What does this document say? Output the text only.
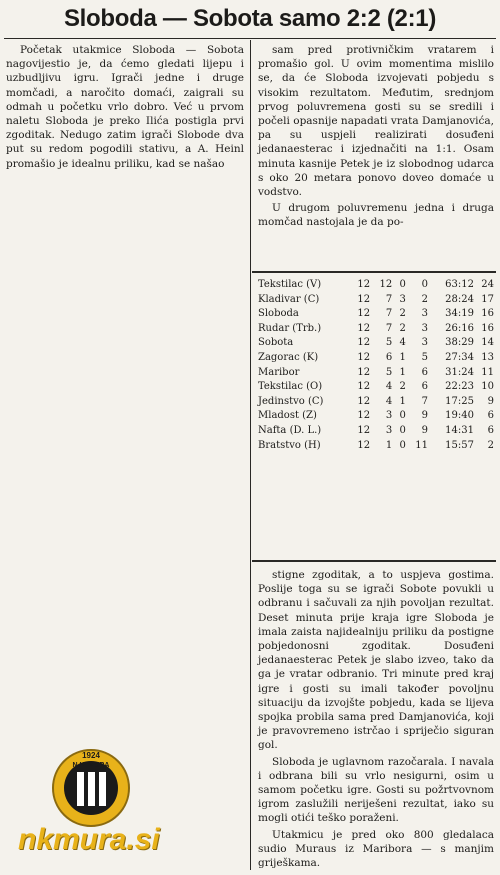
Sloboda — Sobota samo 2:2 (2:1)

Početak utakmice Sloboda — Sobota nagovijestio je, da ćemo gledati lijepu i uzbudljivu igru. Igrači jedne i druge momčadi, a naročito domaći, zaigrali su odmah u početku vrlo dobro. Već u prvom naletu Sloboda je preko Ilića postigla prvi zgoditak. Nedugo zatim igrači Slobode dva put su redom pogodili stativu, a A. Heinl promašio je idealnu priliku, kad se našao

sam pred protivničkim vratarem i promašio gol. U ovim momentima mislilo se, da će Sloboda izvojevati pobjedu s visokim rezultatom. Međutim, srednjom prvog poluvremena gosti su se sredili i počeli opasnije napadati vrata Damjanovića, pa su uspjeli realizirati dosuđeni jedanaesterac i izjednačiti na 1:1. Osam minuta kasnije Petek je iz slobodnog udarca s oko 20 metara ponovo doveo domaće u vodstvo.

U drugom poluvremenu jedna i druga momčad nastojala je da po-

Tekstilac (V)	12	12	0	0	63:12	24
Kladivar (C)	12	7	3	2	28:24	17
Sloboda	12	7	2	3	34:19	16
Rudar (Trb.)	12	7	2	3	26:16	16
Sobota	12	5	4	3	38:29	14
Zagorac (K)	12	6	1	5	27:34	13
Maribor	12	5	1	6	31:24	11
Tekstilac (O)	12	4	2	6	22:23	10
Jedinstvo (C)	12	4	1	7	17:25	9
Mladost (Z)	12	3	0	9	19:40	6
Nafta (D. L.)	12	3	0	9	14:31	6
Bratstvo (H)	12	1	0	11	15:57	2

stigne zgoditak, a to uspjeva gostima. Poslije toga su se igrači Sobote povukli u odbranu i sačuvali za njih povoljan rezultat. Deset minuta prije kraja igre Sloboda je imala zaista najidealniju priliku da postigne pobjedonosni zgoditak. Dosuđeni jedanaesterac Petek je slabo izveo, tako da ga je vratar odbranio. Tri minute pred kraj igre i gosti su imali također povoljnu situaciju da izvojšte pobjedu, kada se lijeva spojka probila sama pred Damjanovića, koji je pravovremeno istrčao i spriječio siguran gol.

Sloboda je uglavnom razočarala. I navala i odbrana bili su vrlo nesigurni, osim u samom početku igre. Gosti su požrtvovnom igrom zaslužili neriješeni rezultat, iako su mogli otići teško poraženi.

Utakmicu je pred oko 800 gledalaca sudio Muraus iz Maribora — s manjim griješkama.

1924
N.K. MURA
nkmura.si
